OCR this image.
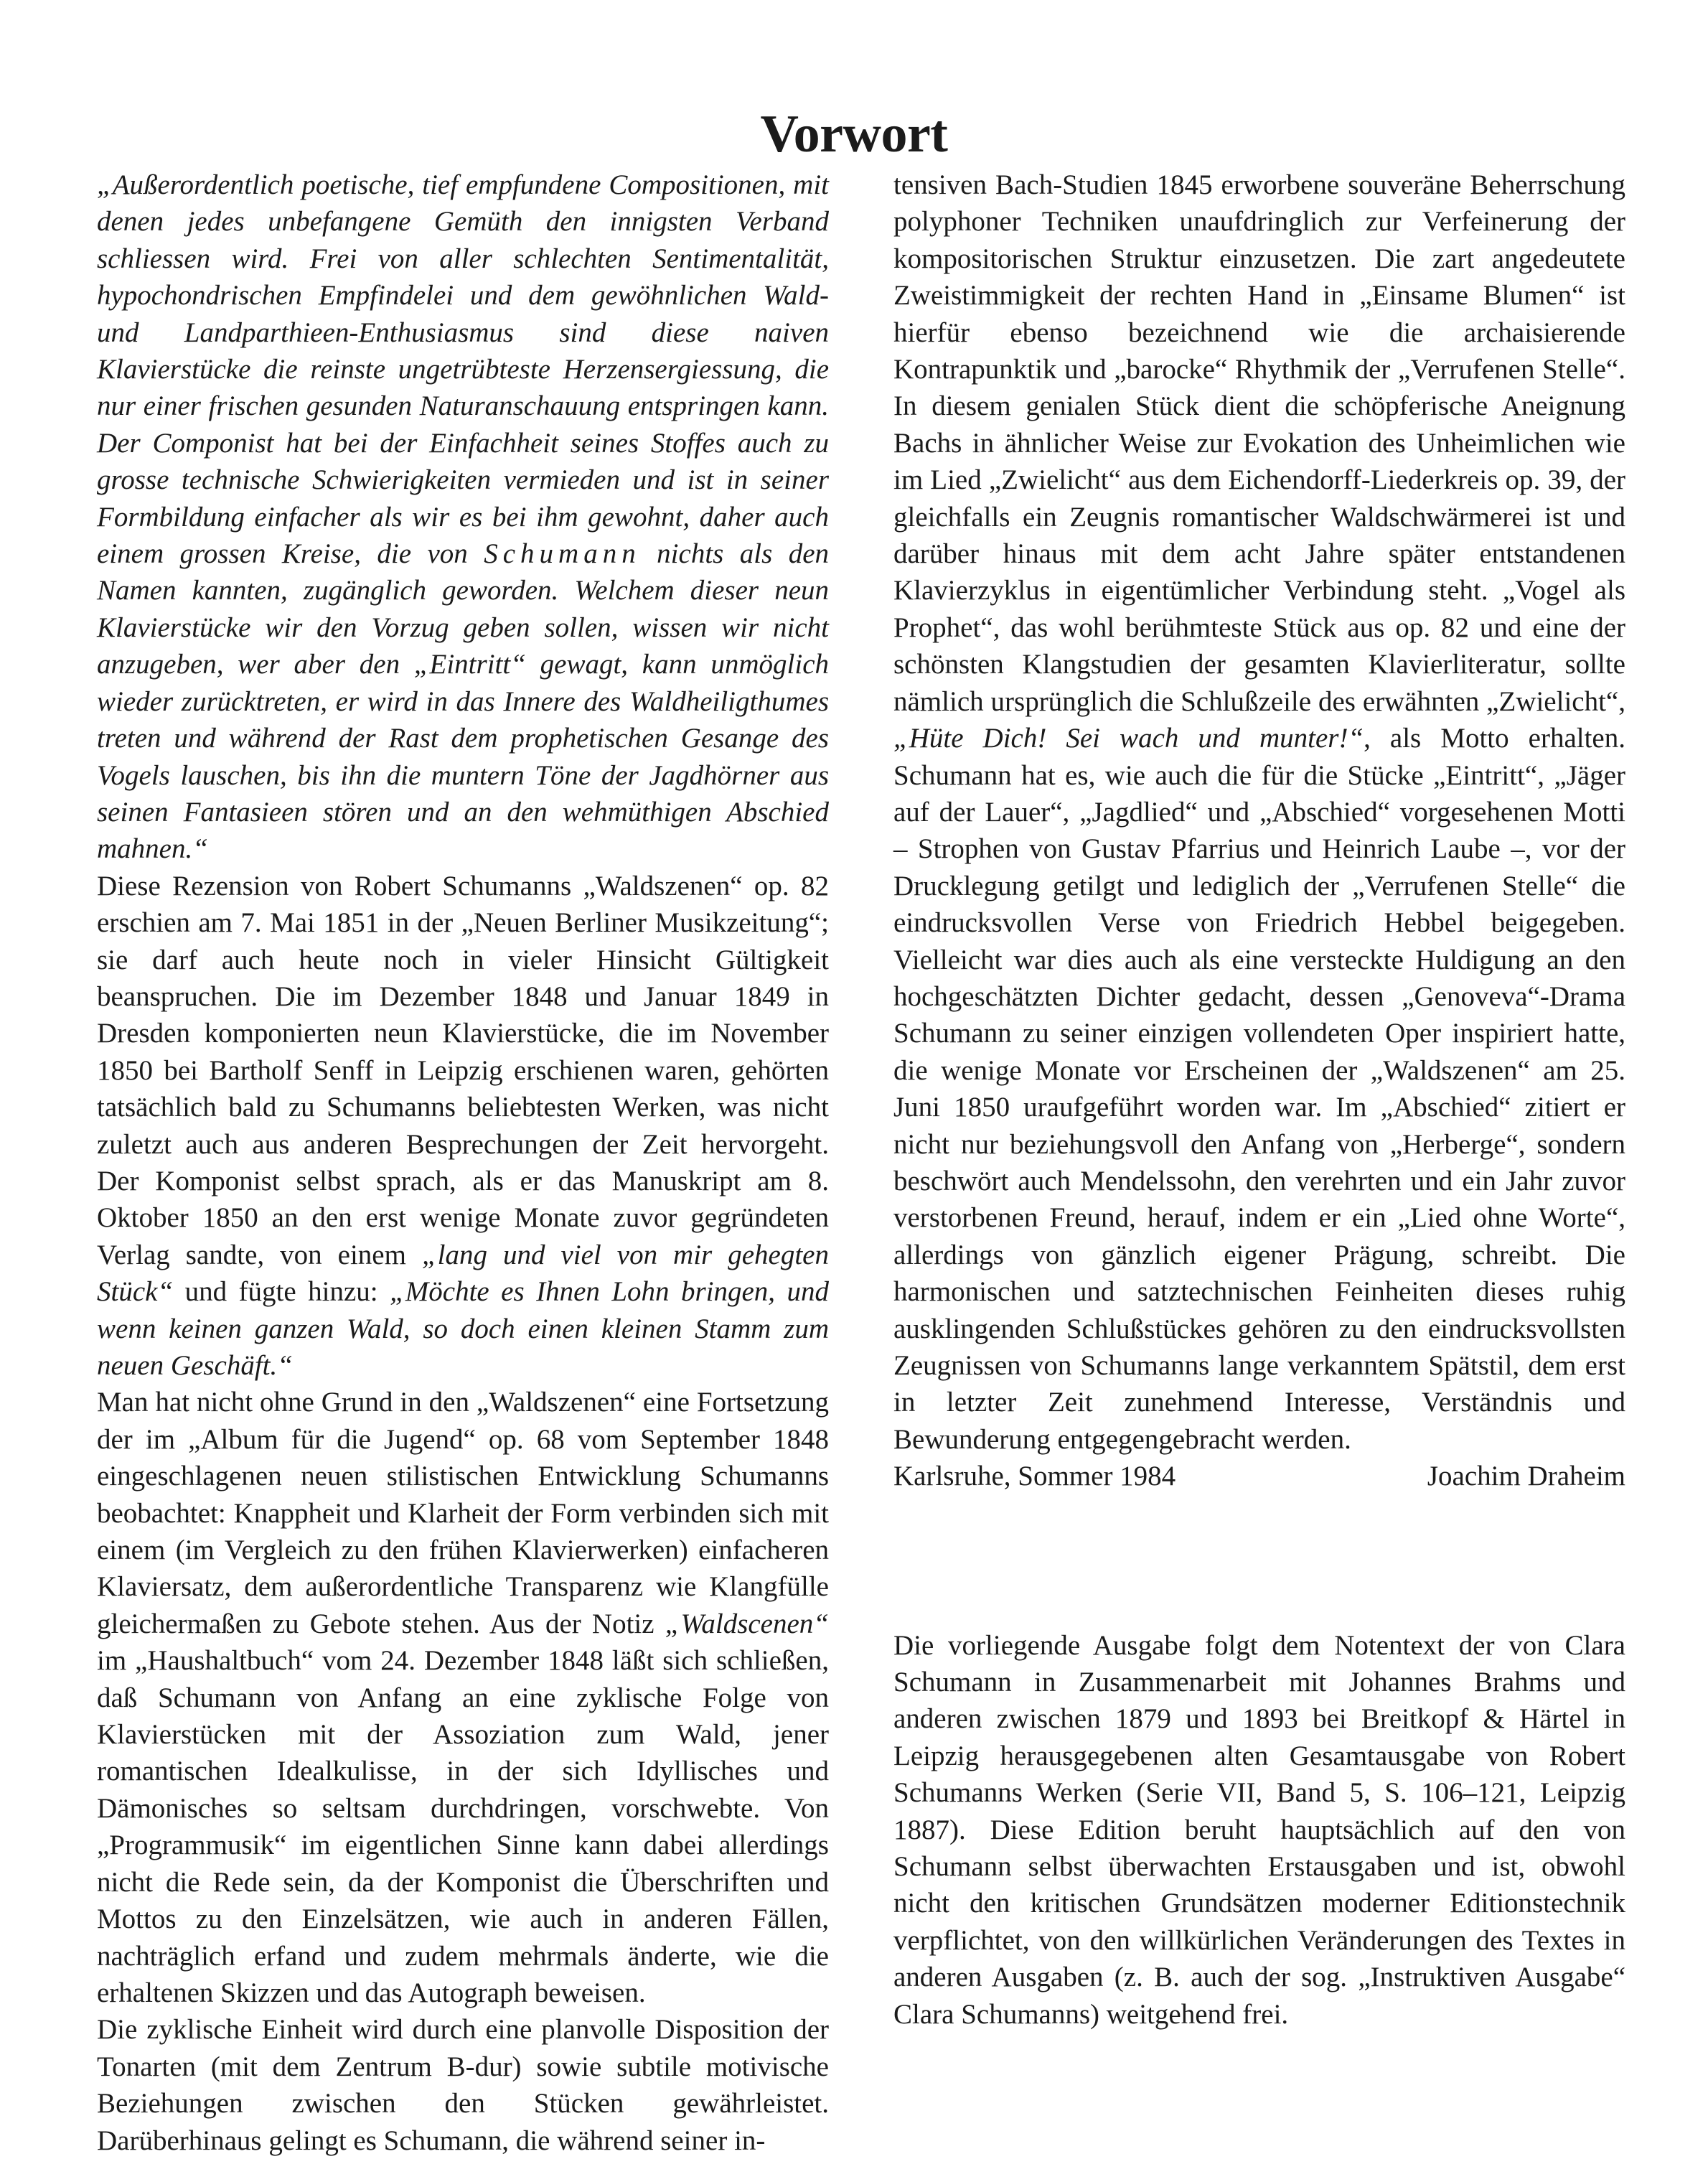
Vorwort

„Außerordentlich poetische, tief empfundene Compositionen, mit denen jedes unbefangene Gemüth den innigsten Verband schliessen wird. Frei von aller schlechten Sentimentalität, hypochondrischen Empfindelei und dem gewöhnlichen Wald- und Landparthieen-Enthusiasmus sind diese naiven Klavierstücke die reinste ungetrübteste Herzensergiessung, die nur einer frischen gesunden Naturanschauung entspringen kann. Der Componist hat bei der Einfachheit seines Stoffes auch zu grosse technische Schwierigkeiten vermieden und ist in seiner Formbildung einfacher als wir es bei ihm gewohnt, daher auch einem grossen Kreise, die von Schumann nichts als den Namen kannten, zugänglich geworden. Welchem dieser neun Klavierstücke wir den Vorzug geben sollen, wissen wir nicht anzugeben, wer aber den „Eintritt“ gewagt, kann unmöglich wieder zurücktreten, er wird in das Innere des Waldheiligthumes treten und während der Rast dem prophetischen Gesange des Vogels lauschen, bis ihn die muntern Töne der Jagdhörner aus seinen Fantasieen stören und an den wehmüthigen Abschied mahnen.“

Diese Rezension von Robert Schumanns „Waldszenen“ op. 82 erschien am 7. Mai 1851 in der „Neuen Berliner Musikzeitung“; sie darf auch heute noch in vieler Hinsicht Gültigkeit beanspruchen. Die im Dezember 1848 und Januar 1849 in Dresden komponierten neun Klavierstücke, die im November 1850 bei Bartholf Senff in Leipzig erschienen waren, gehörten tatsächlich bald zu Schumanns beliebtesten Werken, was nicht zuletzt auch aus anderen Besprechungen der Zeit hervorgeht. Der Komponist selbst sprach, als er das Manuskript am 8. Oktober 1850 an den erst wenige Monate zuvor gegründeten Verlag sandte, von einem „lang und viel von mir gehegten Stück“ und fügte hinzu: „Möchte es Ihnen Lohn bringen, und wenn keinen ganzen Wald, so doch einen kleinen Stamm zum neuen Geschäft.“

Man hat nicht ohne Grund in den „Waldszenen“ eine Fortsetzung der im „Album für die Jugend“ op. 68 vom September 1848 eingeschlagenen neuen stilistischen Entwicklung Schumanns beobachtet: Knappheit und Klarheit der Form verbinden sich mit einem (im Vergleich zu den frühen Klavierwerken) einfacheren Klaviersatz, dem außerordentliche Transparenz wie Klangfülle gleichermaßen zu Gebote stehen. Aus der Notiz „Waldscenen“ im „Haushaltbuch“ vom 24. Dezember 1848 läßt sich schließen, daß Schumann von Anfang an eine zyklische Folge von Klavierstücken mit der Assoziation zum Wald, jener romantischen Idealkulisse, in der sich Idyllisches und Dämonisches so seltsam durchdringen, vorschwebte. Von „Programmusik“ im eigentlichen Sinne kann dabei allerdings nicht die Rede sein, da der Komponist die Überschriften und Mottos zu den Einzelsätzen, wie auch in anderen Fällen, nachträglich erfand und zudem mehrmals änderte, wie die erhaltenen Skizzen und das Autograph beweisen.

Die zyklische Einheit wird durch eine planvolle Disposition der Tonarten (mit dem Zentrum B-dur) sowie subtile motivische Beziehungen zwischen den Stücken gewährleistet. Darüberhinaus gelingt es Schumann, die während seiner in-

tensiven Bach-Studien 1845 erworbene souveräne Beherrschung polyphoner Techniken unaufdringlich zur Verfeinerung der kompositorischen Struktur einzusetzen. Die zart angedeutete Zweistimmigkeit der rechten Hand in „Einsame Blumen“ ist hierfür ebenso bezeichnend wie die archaisierende Kontrapunktik und „barocke“ Rhythmik der „Verrufenen Stelle“. In diesem genialen Stück dient die schöpferische Aneignung Bachs in ähnlicher Weise zur Evokation des Unheimlichen wie im Lied „Zwielicht“ aus dem Eichendorff-Liederkreis op. 39, der gleichfalls ein Zeugnis romantischer Waldschwärmerei ist und darüber hinaus mit dem acht Jahre später entstandenen Klavierzyklus in eigentümlicher Verbindung steht. „Vogel als Prophet“, das wohl berühmteste Stück aus op. 82 und eine der schönsten Klangstudien der gesamten Klavierliteratur, sollte nämlich ursprünglich die Schlußzeile des erwähnten „Zwielicht“, „Hüte Dich! Sei wach und munter!“, als Motto erhalten. Schumann hat es, wie auch die für die Stücke „Eintritt“, „Jäger auf der Lauer“, „Jagdlied“ und „Abschied“ vorgesehenen Motti – Strophen von Gustav Pfarrius und Heinrich Laube –, vor der Drucklegung getilgt und lediglich der „Verrufenen Stelle“ die eindrucksvollen Verse von Friedrich Hebbel beigegeben. Vielleicht war dies auch als eine versteckte Huldigung an den hochgeschätzten Dichter gedacht, dessen „Genoveva“-Drama Schumann zu seiner einzigen vollendeten Oper inspiriert hatte, die wenige Monate vor Erscheinen der „Waldszenen“ am 25. Juni 1850 uraufgeführt worden war. Im „Abschied“ zitiert er nicht nur beziehungsvoll den Anfang von „Herberge“, sondern beschwört auch Mendelssohn, den verehrten und ein Jahr zuvor verstorbenen Freund, herauf, indem er ein „Lied ohne Worte“, allerdings von gänzlich eigener Prägung, schreibt. Die harmonischen und satztechnischen Feinheiten dieses ruhig ausklingenden Schlußstückes gehören zu den eindrucksvollsten Zeugnissen von Schumanns lange verkanntem Spätstil, dem erst in letzter Zeit zunehmend Interesse, Verständnis und Bewunderung entgegengebracht werden.

Karlsruhe, Sommer 1984	Joachim Draheim

Die vorliegende Ausgabe folgt dem Notentext der von Clara Schumann in Zusammenarbeit mit Johannes Brahms und anderen zwischen 1879 und 1893 bei Breitkopf & Härtel in Leipzig herausgegebenen alten Gesamtausgabe von Robert Schumanns Werken (Serie VII, Band 5, S. 106–121, Leipzig 1887). Diese Edition beruht hauptsächlich auf den von Schumann selbst überwachten Erstausgaben und ist, obwohl nicht den kritischen Grundsätzen moderner Editionstechnik verpflichtet, von den willkürlichen Veränderungen des Textes in anderen Ausgaben (z. B. auch der sog. „Instruktiven Ausgabe“ Clara Schumanns) weitgehend frei.
